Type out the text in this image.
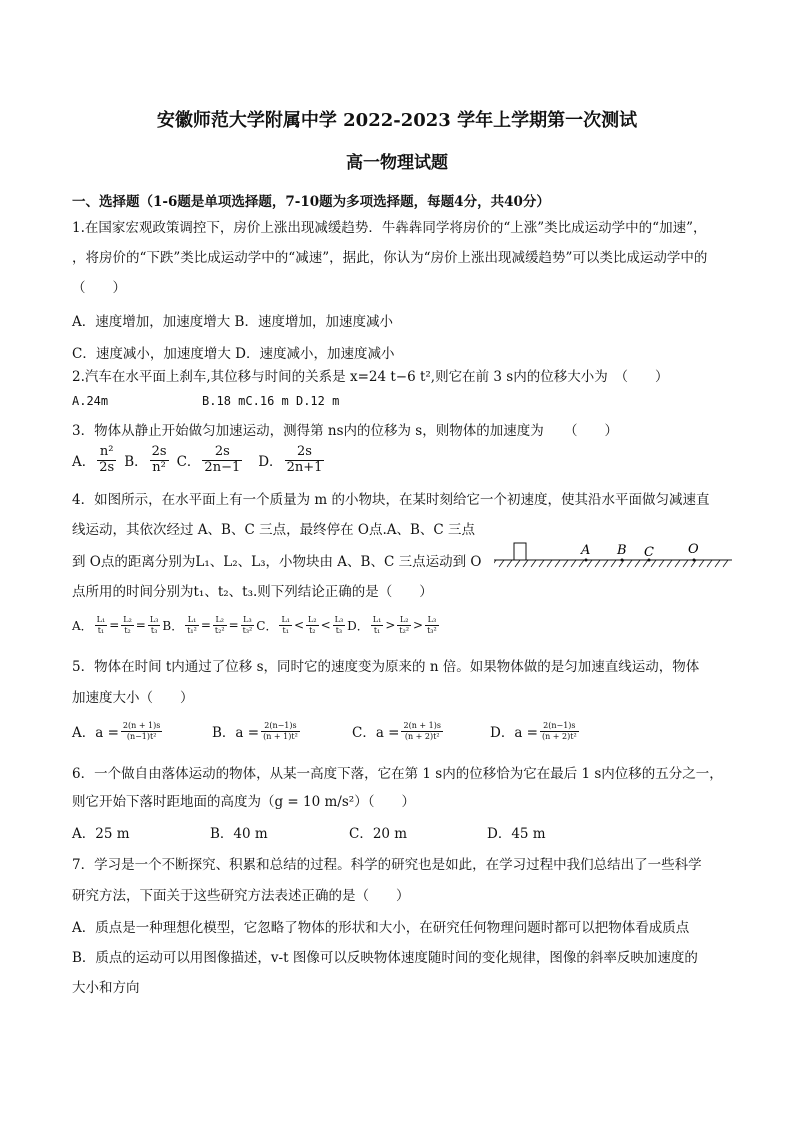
安徽师范大学附属中学 2022-2023 学年上学期第一次测试
高一物理试题
一、选择题（1-6题是单项选择题，7-10题为多项选择题，每题4分，共40分）
1.在国家宏观政策调控下，房价上涨出现减缓趋势．牛犇犇同学将房价的“上涨”类比成运动学中的“加速”，
，将房价的“下跌”类比成运动学中的“减速”，据此，你认为“房价上涨出现减缓趋势”可以类比成运动学中的
（　　）
A．速度增加，加速度增大 B．速度增加，加速度减小
C．速度减小，加速度增大 D．速度减小，加速度减小
2.汽车在水平面上刹车,其位移与时间的关系是 x=24 t−6 t²,则它在前 3 s内的位移大小为　（　　）
A.24m             B.18 mC.16 m D.12 m
3．物体从静止开始做匀加速运动，测得第 ns内的位移为 s，则物体的加速度为　　（　　）
A． $\frac{\text{n²}}{2s}$ B． $\frac{2s}{\text{n²}}$ C． $\frac{2s}{2n-1}$ D． $\frac{2s}{2n+1}$
4．如图所示，在水平面上有一个质量为 m 的小物块，在某时刻给它一个初速度，使其沿水平面做匀减速直
线运动，其依次经过 A、B、C 三点，最终停在 O点.A、B、C 三点
到 O点的距离分别为L₁、L₂、L₃，小物块由 A、B、C 三点运动到 O
点所用的时间分别为t₁、t₂、t₃.则下列结论正确的是（　　）
A B C	O
A． $\frac{\text{L₁}}{\text{t₁}} = \frac{\text{L₂}}{\text{t₂}} = \frac{\text{L₃}}{\text{t₃}}$ B． $\frac{\text{L₁}}{\text{t₁²}} = \frac{\text{L₂}}{\text{t₂²}} = \frac{\text{L₃}}{\text{t₃²}}$ C． $\frac{\text{L₁}}{\text{t₁}} < \frac{\text{L₂}}{\text{t₂}} < \frac{\text{L₃}}{\text{t₃}}$ D． $\frac{\text{L₁}}{\text{t₁}} > \frac{\text{L₂}}{\text{t₂²}} > \frac{\text{L₃}}{\text{t₃²}}$
5．物体在时间 t内通过了位移 s，同时它的速度变为原来的 n 倍。如果物体做的是匀加速直线运动，物体
加速度大小（　　）
A．$a = \frac{2(n + 1)s}{\text{(n−1)t²}}$	B．$a = \frac{2(n-1)s}{\text{(n + 1)t²}}$	C．$a = \frac{2(n + 1)s}{\text{(n + 2)t²}}$	D．$a = \frac{2(n-1)s}{\text{(n + 2)t²}}$
6．一个做自由落体运动的物体，从某一高度下落，它在第 1 s内的位移恰为它在最后 1 s内位移的五分之一，
则它开始下落时距地面的高度为（g = 10 m/s²）（　　）
A．25 m	B．40 m	C．20 m	D．45 m
7．学习是一个不断探究、积累和总结的过程。科学的研究也是如此，在学习过程中我们总结出了一些科学
研究方法，下面关于这些研究方法表述正确的是（　　）
A．质点是一种理想化模型，它忽略了物体的形状和大小，在研究任何物理问题时都可以把物体看成质点
B．质点的运动可以用图像描述，v-t 图像可以反映物体速度随时间的变化规律，图像的斜率反映加速度的
大小和方向
